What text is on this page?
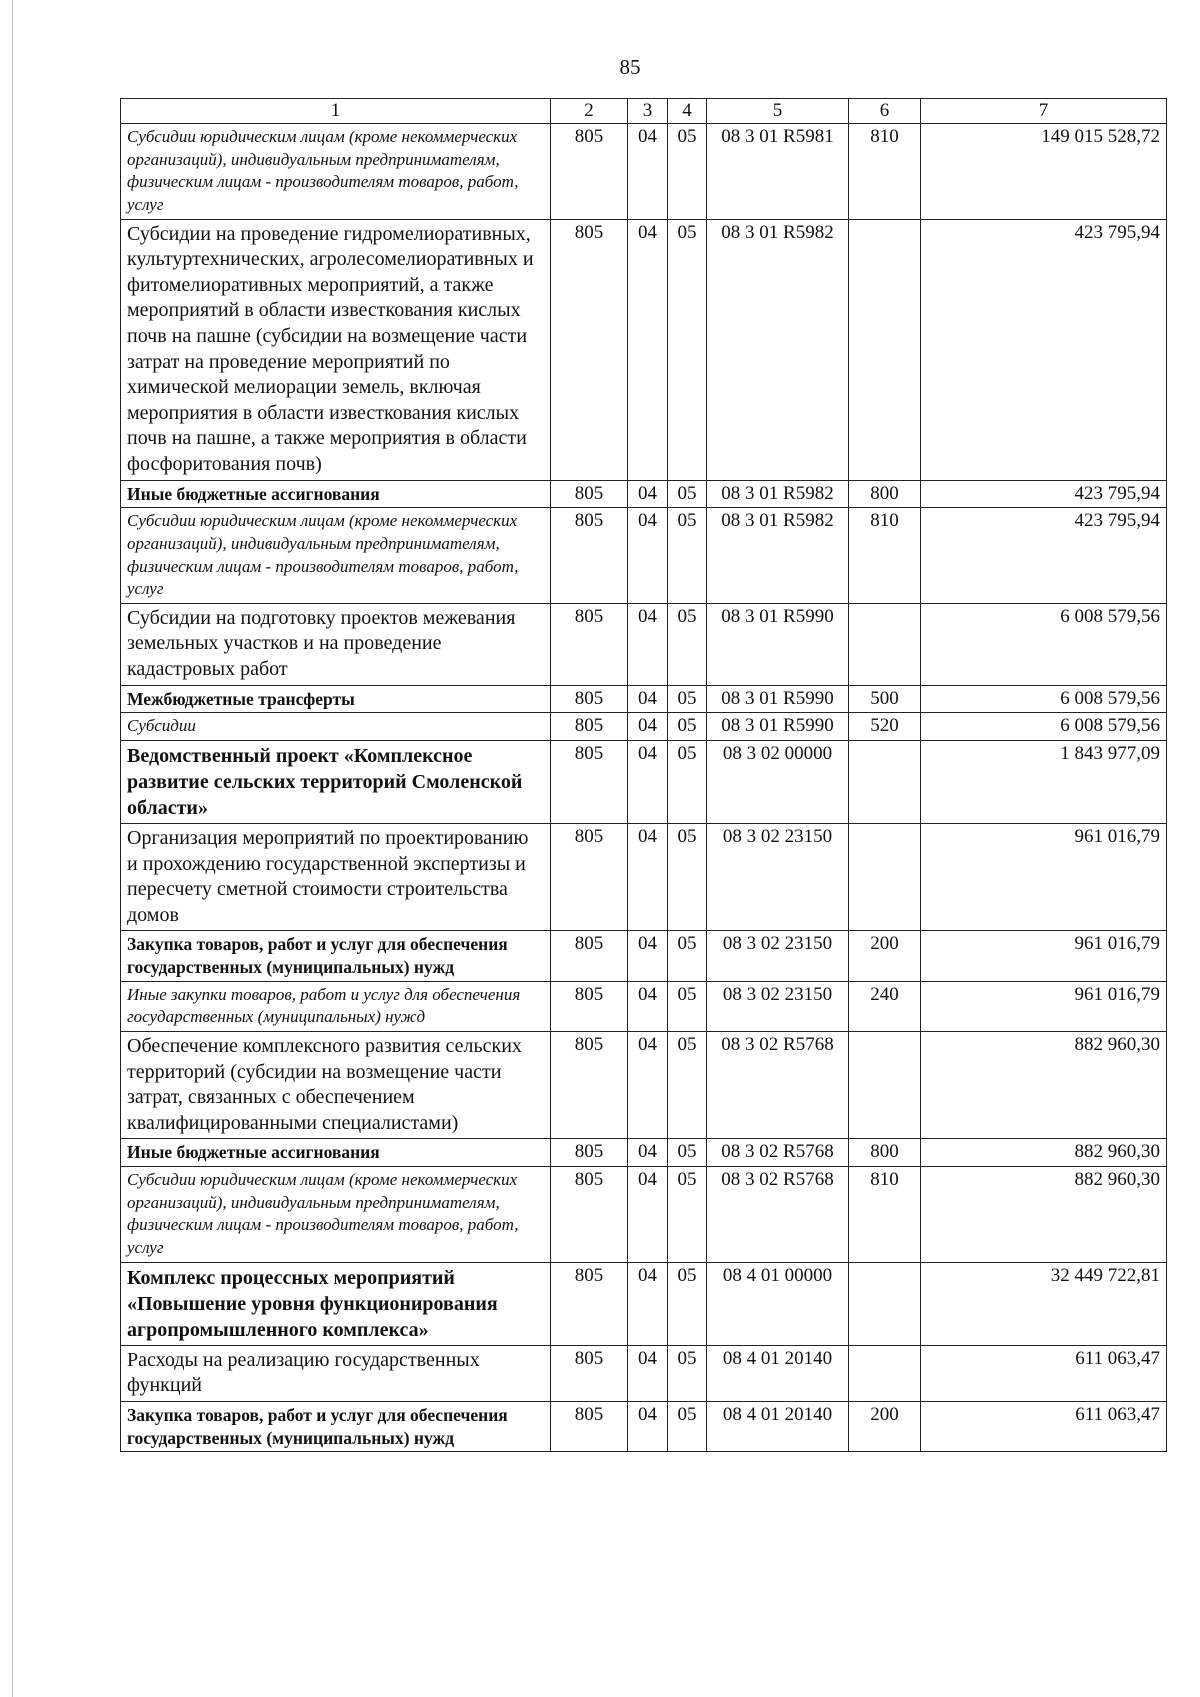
85
1	2	3	4	5	6	7
Субсидии юридическим лицам (кроме некоммерческих организаций), индивидуальным предпринимателям, физическим лицам - производителям товаров, работ, услуг	805	04	05	08 3 01 R5981	810	149 015 528,72
Субсидии на проведение гидромелиоративных, культуртехнических, агролесомелиоративных и фитомелиоративных мероприятий, а также мероприятий в области известкования кислых почв на пашне (субсидии на возмещение части затрат на проведение мероприятий по химической мелиорации земель, включая мероприятия в области известкования кислых почв на пашне, а также мероприятия в области фосфоритования почв)	805	04	05	08 3 01 R5982		423 795,94
Иные бюджетные ассигнования	805	04	05	08 3 01 R5982	800	423 795,94
Субсидии юридическим лицам (кроме некоммерческих организаций), индивидуальным предпринимателям, физическим лицам - производителям товаров, работ, услуг	805	04	05	08 3 01 R5982	810	423 795,94
Субсидии на подготовку проектов межевания земельных участков и на проведение кадастровых работ	805	04	05	08 3 01 R5990		6 008 579,56
Межбюджетные трансферты	805	04	05	08 3 01 R5990	500	6 008 579,56
Субсидии	805	04	05	08 3 01 R5990	520	6 008 579,56
Ведомственный проект «Комплексное развитие сельских территорий Смоленской области»	805	04	05	08 3 02 00000		1 843 977,09
Организация мероприятий по проектированию и прохождению государственной экспертизы и пересчету сметной стоимости строительства домов	805	04	05	08 3 02 23150		961 016,79
Закупка товаров, работ и услуг для обеспечения государственных (муниципальных) нужд	805	04	05	08 3 02 23150	200	961 016,79
Иные закупки товаров, работ и услуг для обеспечения государственных (муниципальных) нужд	805	04	05	08 3 02 23150	240	961 016,79
Обеспечение комплексного развития сельских территорий (субсидии на возмещение части затрат, связанных с обеспечением квалифицированными специалистами)	805	04	05	08 3 02 R5768		882 960,30
Иные бюджетные ассигнования	805	04	05	08 3 02 R5768	800	882 960,30
Субсидии юридическим лицам (кроме некоммерческих организаций), индивидуальным предпринимателям, физическим лицам - производителям товаров, работ, услуг	805	04	05	08 3 02 R5768	810	882 960,30
Комплекс процессных мероприятий «Повышение уровня функционирования агропромышленного комплекса»	805	04	05	08 4 01 00000		32 449 722,81
Расходы на реализацию государственных функций	805	04	05	08 4 01 20140		611 063,47
Закупка товаров, работ и услуг для обеспечения государственных (муниципальных) нужд	805	04	05	08 4 01 20140	200	611 063,47
